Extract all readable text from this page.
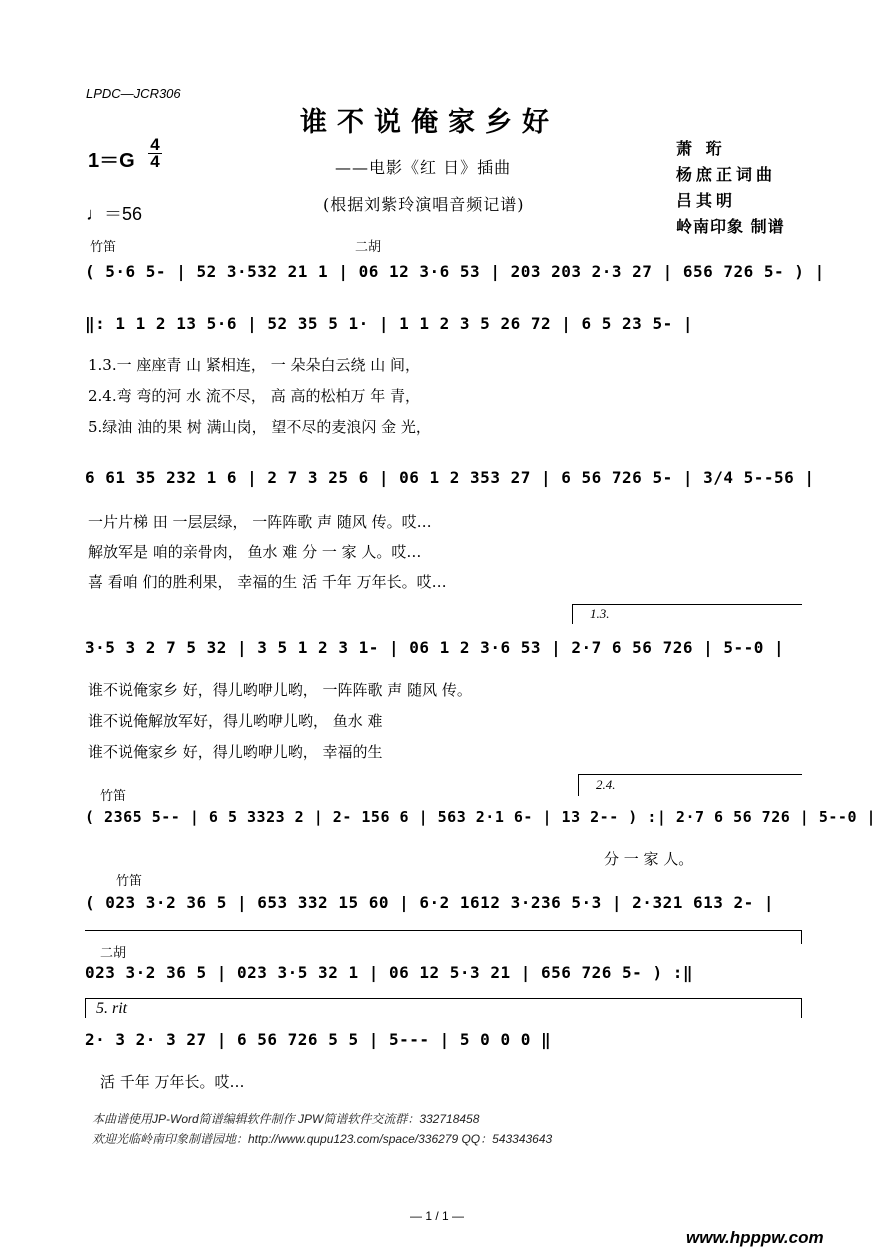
LPDC—JCR306
谁不说俺家乡好
——电影《红 日》插曲
(根据刘紫玲演唱音频记谱)
1＝G
4
4
♩＝56
萧 珩
杨庶正词曲
吕其明
岭南印象 制谱
竹笛	二胡
( 5·6 5- | 52 3·532 21 1 | 06 12 3·6 53 | 203 203 2·3 27 | 656 726 5- ) |
‖: 1 1 2 13 5·6 | 52 35 5 1· | 1 1 2 3 5 26 72 | 6 5 23 5- |
1.3.一 座座青 山 紧相连， 一 朵朵白云绕 山 间，
2.4.弯 弯的河 水 流不尽， 高 高的松柏万 年 青，
5.绿油 油的果 树 满山岗， 望不尽的麦浪闪 金 光，
6 61 35 232 1 6 | 2 7 3 25 6 | 06 1 2 353 27 | 6 56 726 5- | 3/4 5--56 |
一片片梯 田 一层层绿， 一阵阵歌 声 随风 传。哎…
解放军是 咱的亲骨肉， 鱼水 难 分 一 家 人。哎…
喜 看咱 们的胜利果， 幸福的生 活 千年 万年长。哎…
1.3.
3·5 3 2 7 5 32 | 3 5 1 2 3 1- | 06 1 2 3·6 53 | 2·7 6 56 726 | 5--0 |
谁不说俺家乡 好，得儿哟咿儿哟， 一阵阵歌 声 随风 传。
谁不说俺解放军好，得儿哟咿儿哟， 鱼水 难
谁不说俺家乡 好，得儿哟咿儿哟， 幸福的生
2.4.
竹笛
( 2365 5-- | 6 5 3323 2 | 2- 156 6 | 563 2·1 6- | 13 2-- ) :| 2·7 6 56 726 | 5--0 |
分 一 家 人。
竹笛
( 023 3·2 36 5 | 653 332 15 60 | 6·2 1612 3·236 5·3 | 2·321 613 2- |
二胡
023 3·2 36 5 | 023 3·5 32 1 | 06 12 5·3 21 | 656 726 5- ) :‖
5. rit
2· 3 2· 3 27 | 6 56 726 5 5 | 5--- | 5 0 0 0 ‖
活 千年 万年长。哎…
本曲谱使用JP-Word简谱编辑软件制作 JPW简谱软件交流群：332718458
欢迎光临岭南印象制谱园地：http://www.qupu123.com/space/336279 QQ：543343643
— 1 / 1 —
www.hpppw.com
